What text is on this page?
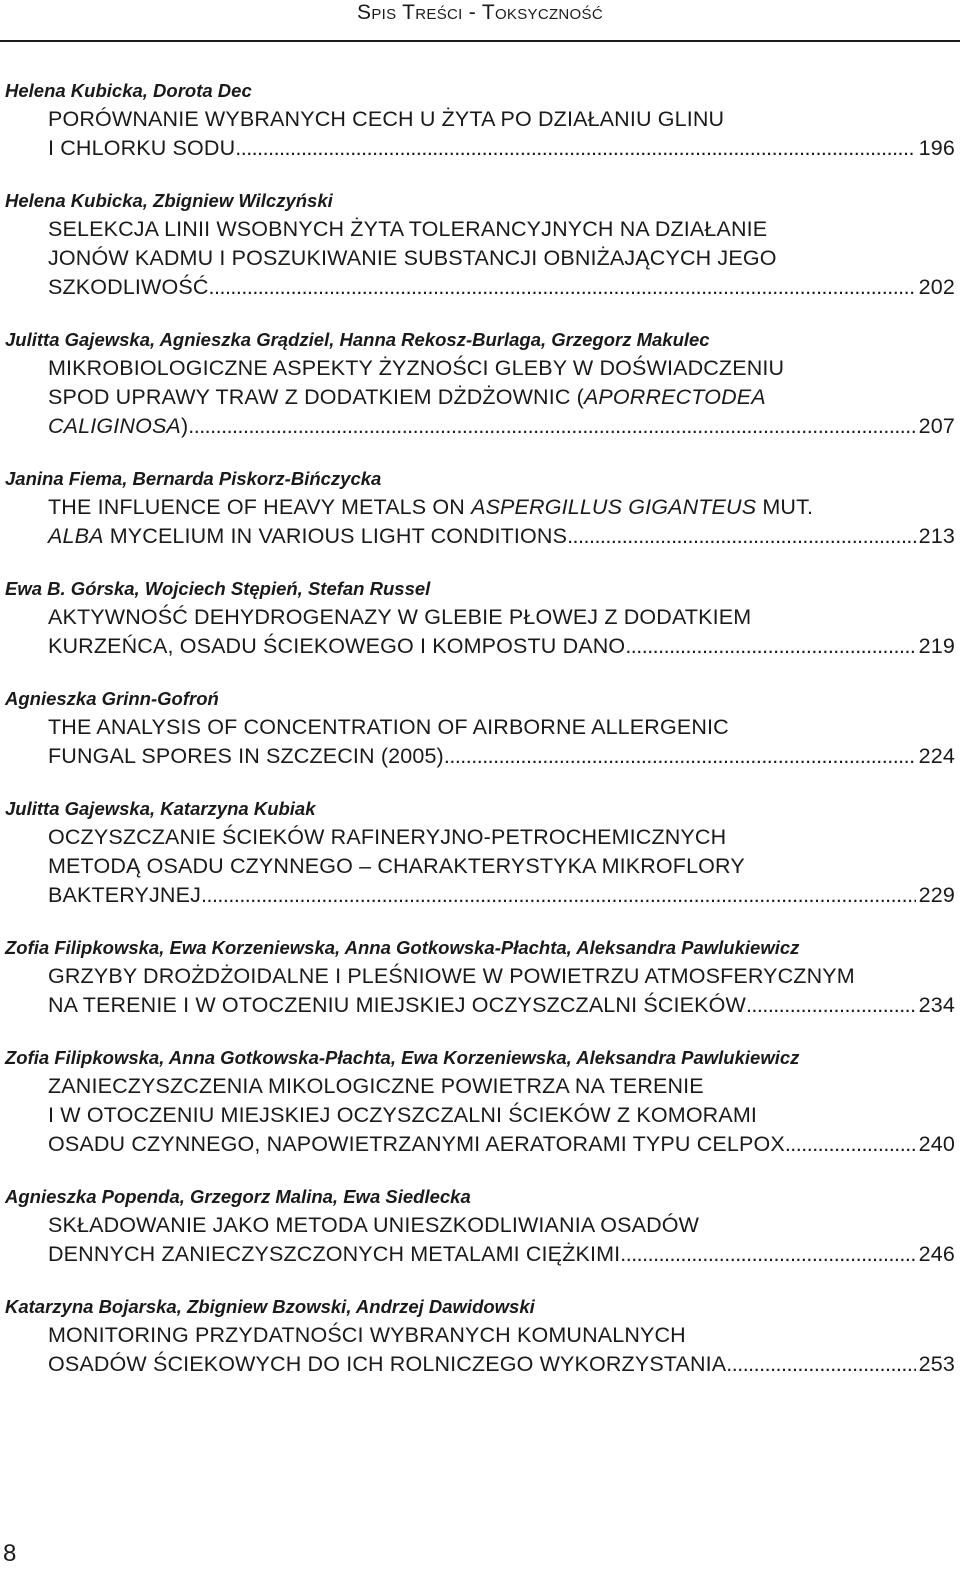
Spis Treści - Toksyczność
Helena Kubicka, Dorota Dec
PORÓWNANIE WYBRANYCH CECH U ŻYTA PO DZIAŁANIU GLINU
I CHLORKU SODU .....	196
Helena Kubicka, Zbigniew Wilczyński
SELEKCJA LINII WSOBNYCH ŻYTA TOLERANCYJNYCH NA DZIAŁANIE
JONÓW KADMU I POSZUKIWANIE SUBSTANCJI OBNIŻAJĄCYCH JEGO
SZKODLIWOŚĆ .....	202
Julitta Gajewska, Agnieszka Grądziel, Hanna Rekosz-Burlaga, Grzegorz Makulec
MIKROBIOLOGICZNE ASPEKTY ŻYZNOŚCI GLEBY W DOŚWIADCZENIU
SPOD UPRAWY TRAW Z DODATKIEM DŻDŻOWNIC (APORRECTODEA
CALIGINOSA) .....	207
Janina Fiema, Bernarda Piskorz-Bińczycka
THE INFLUENCE OF HEAVY METALS ON ASPERGILLUS GIGANTEUS MUT.
ALBA MYCELIUM IN VARIOUS LIGHT CONDITIONS .....	213
Ewa B. Górska, Wojciech Stępień, Stefan Russel
AKTYWNOŚĆ DEHYDROGENAZY W GLEBIE PŁOWEJ Z DODATKIEM
KURZEŃCA, OSADU ŚCIEKOWEGO I KOMPOSTU DANO .....	219
Agnieszka Grinn-Gofroń
THE ANALYSIS OF CONCENTRATION OF AIRBORNE ALLERGENIC
FUNGAL SPORES IN SZCZECIN (2005) .....	224
Julitta Gajewska, Katarzyna Kubiak
OCZYSZCZANIE ŚCIEKÓW RAFINERYJNO-PETROCHEMICZNYCH
METODĄ OSADU CZYNNEGO – CHARAKTERYSTYKA MIKROFLORY
BAKTERYJNEJ .....	229
Zofia Filipkowska, Ewa Korzeniewska, Anna Gotkowska-Płachta, Aleksandra Pawlukiewicz
GRZYBY DROŻDŻOIDALNE I PLEŚNIOWE W POWIETRZU ATMOSFERYCZNYM
NA TERENIE I W OTOCZENIU MIEJSKIEJ OCZYSZCZALNI ŚCIEKÓW .....	234
Zofia Filipkowska, Anna Gotkowska-Płachta, Ewa Korzeniewska, Aleksandra Pawlukiewicz
ZANIECZYSZCZENIA MIKOLOGICZNE POWIETRZA NA TERENIE
I W OTOCZENIU MIEJSKIEJ OCZYSZCZALNI ŚCIEKÓW Z KOMORAMI
OSADU CZYNNEGO, NAPOWIETRZANYMI AERATORAMI TYPU CELPOX .....	240
Agnieszka Popenda, Grzegorz Malina, Ewa Siedlecka
SKŁADOWANIE JAKO METODA UNIESZKODLIWIANIA OSADÓW
DENNYCH ZANIECZYSZCZONYCH METALAMI CIĘŻKIMI .....	246
Katarzyna Bojarska, Zbigniew Bzowski, Andrzej Dawidowski
MONITORING PRZYDATNOŚCI WYBRANYCH KOMUNALNYCH
OSADÓW ŚCIEKOWYCH DO ICH ROLNICZEGO WYKORZYSTANIA .....	253
8
